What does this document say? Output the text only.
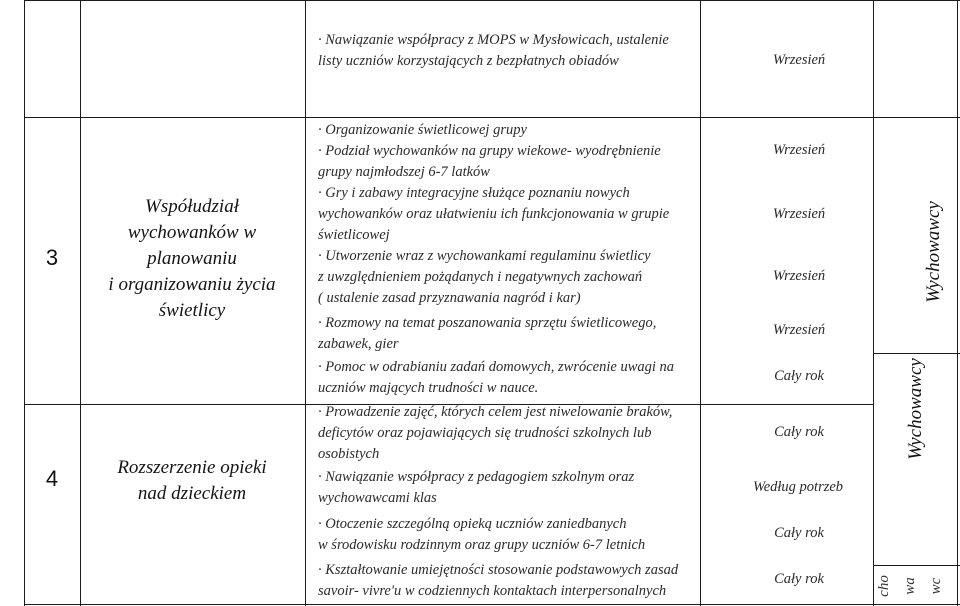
· Nawiązanie współpracy z MOPS w Mysłowicach, ustalenie
listy uczniów korzystających z bezpłatnych obiadów	Wrzesień
3
Współudział
wychowanków w
planowaniu
i organizowaniu życia
świetlicy
· Organizowanie świetlicowej grupy
· Podział wychowanków na grupy wiekowe- wyodrębnienie
grupy najmłodszej 6-7 latków
Wrzesień
· Gry i zabawy integracyjne służące poznaniu nowych
wychowanków oraz ułatwieniu ich funkcjonowania w grupie
świetlicowej
Wrzesień
· Utworzenie wraz z wychowankami regulaminu świetlicy
z uwzględnieniem pożądanych i negatywnych zachowań
( ustalenie zasad przyznawania nagród i kar)
Wrzesień
· Rozmowy na temat poszanowania sprzętu świetlicowego,
zabawek, gier
Wrzesień
Wychowawcy
4	Rozszerzenie opieki
nad dzieckiem
· Pomoc w odrabianiu zadań domowych, zwrócenie uwagi na
uczniów mających trudności w nauce.
Cały rok
· Prowadzenie zajęć, których celem jest niwelowanie braków,
deficytów oraz pojawiających się trudności szkolnych lub
osobistych
Cały rok
· Nawiązanie współpracy z pedagogiem szkolnym oraz
wychowawcami klas
Według potrzeb
· Otoczenie szczególną opieką uczniów zaniedbanych
w środowisku rodzinnym oraz grupy uczniów 6-7 letnich
Cały rok
· Kształtowanie umiejętności stosowanie podstawowych zasad
savoir- vivre'u w codziennych kontaktach interpersonalnych
Cały rok
Wychowawcy
cho wa wc
